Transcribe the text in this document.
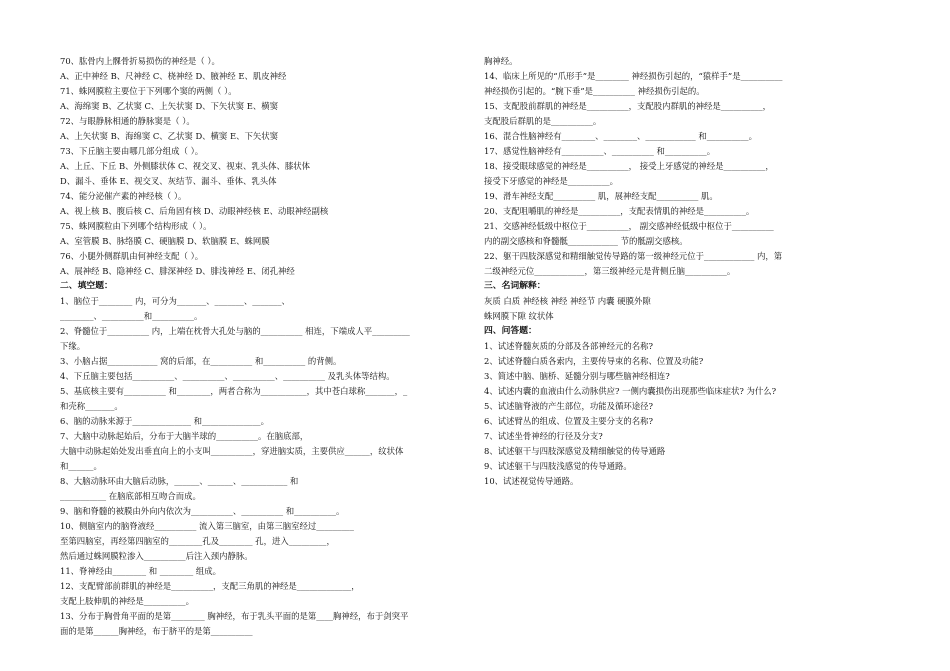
70、肱骨内上髁骨折易损伤的神经是（ ）。
A、正中神经 B、尺神经 C、桡神经 D、腋神经 E、肌皮神经
71、蛛网膜粒主要位于下列哪个窦的两侧（ ）。
A、海绵窦 B、乙状窦 C、上矢状窦 D、下矢状窦 E、横窦
72、与眼静脉相通的静脉窦是（ ）。
A、上矢状窦 B、海绵窦 C、乙状窦 D、横窦 E、下矢状窦
73、下丘脑主要由哪几部分组成（ ）。
A、上丘、下丘 B、外侧膝状体 C、视交叉、视束、乳头体、膝状体
D、漏斗、垂体 E、视交叉、灰结节、漏斗、垂体、乳头体
74、能分泌催产素的神经核（ ）。
A、视上核 B、腹后核 C、后角固有核 D、动眼神经核 E、动眼神经副核
75、蛛网膜粒由下列哪个结构形成（ ）。
A、室管膜 B、脉络膜 C、硬脑膜 D、软脑膜 E、蛛网膜
76、小腿外侧群肌由何神经支配（ ）。
A、展神经 B、隐神经 C、腓深神经 D、腓浅神经 E、闭孔神经
二、填空题：
1、脑位于________ 内，可分为_______、_______、_______、
________、__________和__________。
2、脊髓位于__________ 内，上端在枕骨大孔处与脑的__________ 相连，下端成人平_________
下缘。
3、小脑占据____________ 窝的后部，在__________ 和__________ 的背侧。
4、下丘脑主要包括__________、__________、__________、__________ 及乳头体等结构。
5、基底核主要有__________ 和________，两者合称为___________，其中苍白球称_______，_
和壳称_______。
6、脑的动脉来源于______________ 和______________。
7、大脑中动脉起始后，分布于大脑半球的__________。在脑底部，
大脑中动脉起始处发出垂直向上的小支叫__________，穿进脑实质，主要供应______，纹状体
和______。
8、大脑动脉环由大脑后动脉，______、______、___________ 和
___________ 在脑底部相互吻合而成。
9、脑和脊髓的被膜由外向内依次为__________、__________ 和__________。
10、侧脑室内的脑脊液经__________ 流入第三脑室，由第三脑室经过_________
至第四脑室，再经第四脑室的________孔及________ 孔，进入_________，
然后通过蛛网膜粒渗入__________后注入颈内静脉。
11、脊神经由________ 和 ________ 组成。
12、支配臂部前群肌的神经是__________，支配三角肌的神经是_____________，
支配上肢伸肌的神经是__________。
13、分布于胸骨角平面的是第________ 胸神经，布于乳头平面的是第____胸神经，布于剑突平
面的是第______胸神经，布于脐平的是第__________
胸神经。
14、临床上所见的“爪形手”是________ 神经损伤引起的，“猿样手”是__________
神经损伤引起的。“腕下垂”是__________ 神经损伤引起的。
15、支配股前群肌的神经是__________，支配股内群肌的神经是__________，
支配股后群肌的是__________。
16、混合性脑神经有________、________、____________ 和__________。
17、感觉性脑神经有__________、__________ 和__________。
18、接受眼球感觉的神经是__________， 接受上牙感觉的神经是__________，
接受下牙感觉的神经是__________。
19、滑车神经支配__________ 肌，展神经支配__________ 肌。
20、支配咀嚼肌的神经是__________，支配表情肌的神经是__________。
21、交感神经低级中枢位于__________， 副交感神经低级中枢位于__________
内的副交感核和脊髓骶____________ 节的骶副交感核。
22、躯干四肢深感觉和精细触觉传导路的第一级神经元位于____________ 内，第
二级神经元位____________，第三级神经元是背侧丘脑__________。
三、名词解释：
灰质 白质 神经核 神经 神经节 内囊 硬膜外隙
蛛网膜下隙 纹状体
四、问答题：
1、试述脊髓灰质的分部及各部神经元的名称?
2、试述脊髓白质各索内，主要传导束的名称、位置及功能?
3、简述中脑、脑桥、延髓分别与哪些脑神经相连?
4、试述内囊的血液由什么动脉供应? 一侧内囊损伤出现那些临床症状? 为什么?
5、试述脑脊液的产生部位，功能及循环途径?
6、试述臂丛的组成、位置及主要分支的名称?
7、试述坐骨神经的行径及分支?
8、试述躯干与四肢深感觉及精细触觉的传导通路
9、试述躯干与四肢浅感觉的传导通路。
10、试述视觉传导通路。
